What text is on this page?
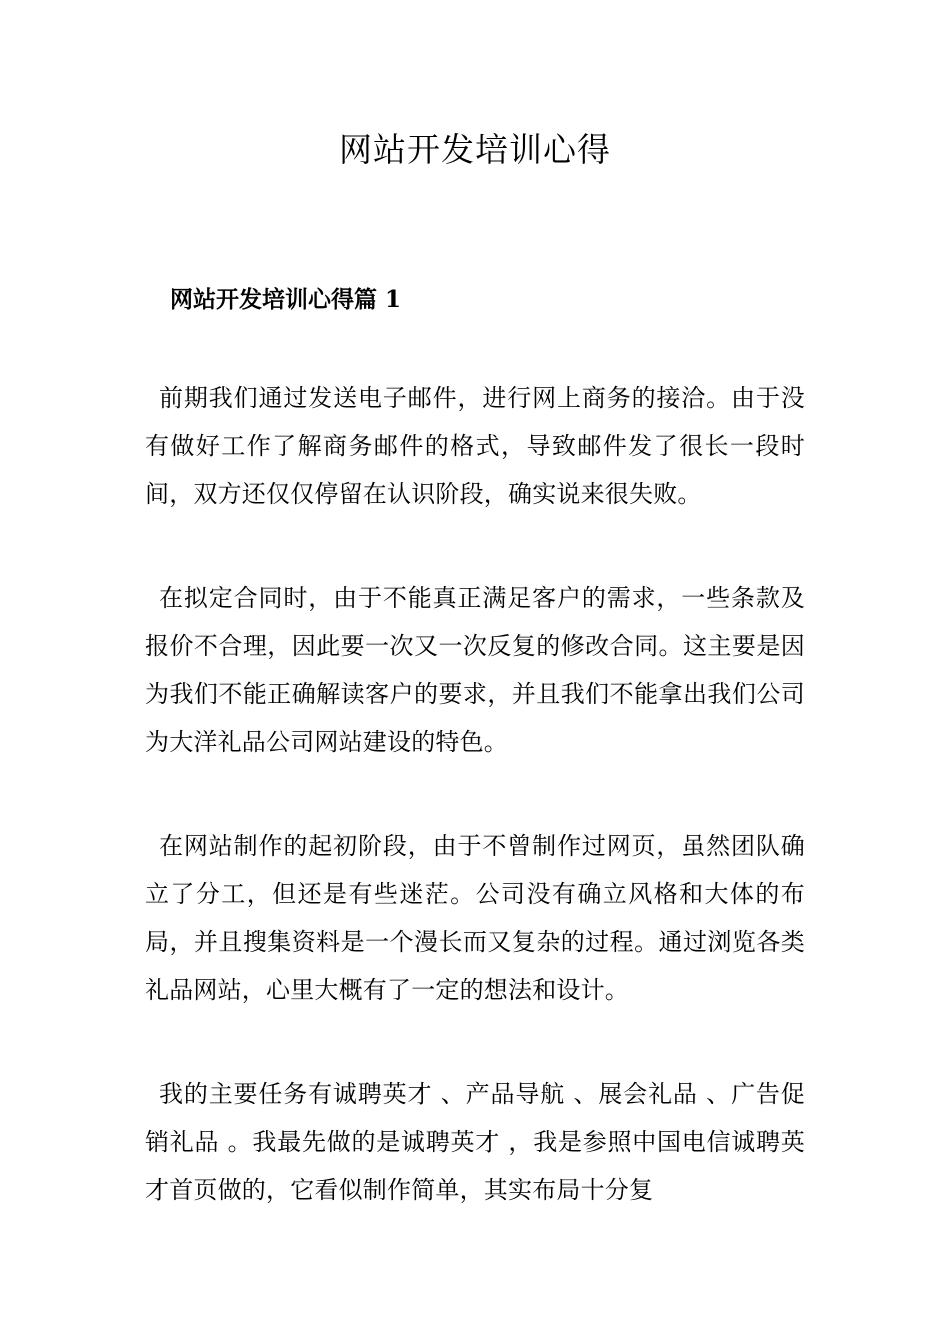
网站开发培训心得
网站开发培训心得篇 1

前期我们通过发送电子邮件，进行网上商务的接洽。由于没有做好工作了解商务邮件的格式，导致邮件发了很长一段时间，双方还仅仅停留在认识阶段，确实说来很失败。

在拟定合同时，由于不能真正满足客户的需求，一些条款及报价不合理，因此要一次又一次反复的修改合同。这主要是因为我们不能正确解读客户的要求，并且我们不能拿出我们公司为大洋礼品公司网站建设的特色。

在网站制作的起初阶段，由于不曾制作过网页，虽然团队确立了分工，但还是有些迷茫。公司没有确立风格和大体的布局，并且搜集资料是一个漫长而又复杂的过程。通过浏览各类礼品网站，心里大概有了一定的想法和设计。

我的主要任务有诚聘英才 、产品导航 、展会礼品 、广告促销礼品 。我最先做的是诚聘英才 ，我是参照中国电信诚聘英才首页做的，它看似制作简单，其实布局十分复
